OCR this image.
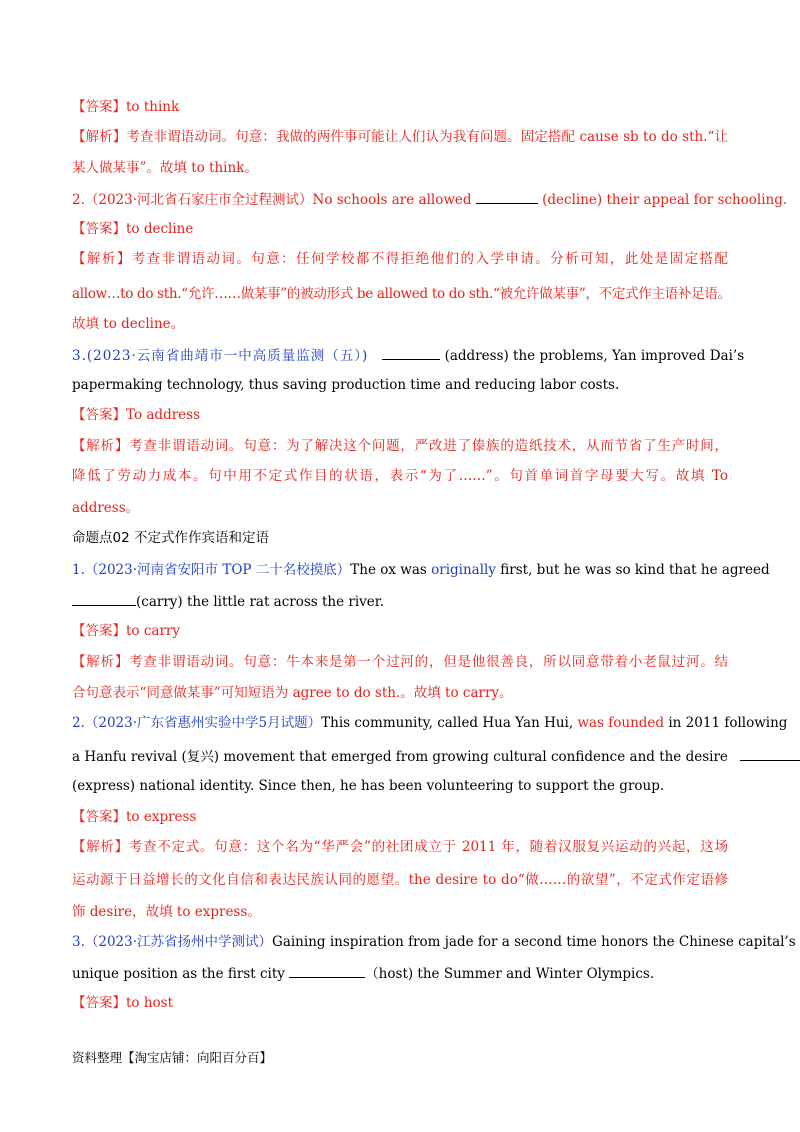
【答案】to think
【解析】考查非谓语动词。句意：我做的两件事可能让人们认为我有问题。固定搭配 cause sb to do sth.“让
某人做某事”。故填 to think。
2.（2023·河北省石家庄市全过程测试）No schools are allowed	(decline) their appeal for schooling.
【答案】to decline
【解析】考查非谓语动词。句意：任何学校都不得拒绝他们的入学申请。分析可知，此处是固定搭配
allow…to do sth.“允许……做某事”的被动形式 be allowed to do sth.“被允许做某事”，不定式作主语补足语。
故填 to decline。
3.(2023·云南省曲靖市一中高质量监测（五）)	(address) the problems, Yan improved Dai’s
papermaking technology, thus saving production time and reducing labor costs.
【答案】To address
【解析】考查非谓语动词。句意：为了解决这个问题，严改进了傣族的造纸技术，从而节省了生产时间，
降低了劳动力成本。句中用不定式作目的状语，表示“为了……”。句首单词首字母要大写。故填 To
address。
命题点02 不定式作作宾语和定语
1.（2023·河南省安阳市 TOP 二十名校摸底）The ox was originally first, but he was so kind that he agreed
(carry) the little rat across the river.
【答案】to carry
【解析】考查非谓语动词。句意：牛本来是第一个过河的，但是他很善良，所以同意带着小老鼠过河。结
合句意表示“同意做某事”可知短语为 agree to do sth.。故填 to carry。
2.（2023·广东省惠州实验中学5月试题）This community, called Hua Yan Hui, was founded in 2011 following
a Hanfu revival (复兴) movement that emerged from growing cultural confidence and the desire
(express) national identity. Since then, he has been volunteering to support the group.
【答案】to express
【解析】考查不定式。句意：这个名为“华严会”的社团成立于 2011 年，随着汉服复兴运动的兴起，这场
运动源于日益增长的文化自信和表达民族认同的愿望。the desire to do“做……的欲望”，不定式作定语修
饰 desire，故填 to express。
3.（2023·江苏省扬州中学测试）Gaining inspiration from jade for a second time honors the Chinese capital’s
unique position as the first city	（host) the Summer and Winter Olympics.
【答案】to host
资料整理【淘宝店铺：向阳百分百】
